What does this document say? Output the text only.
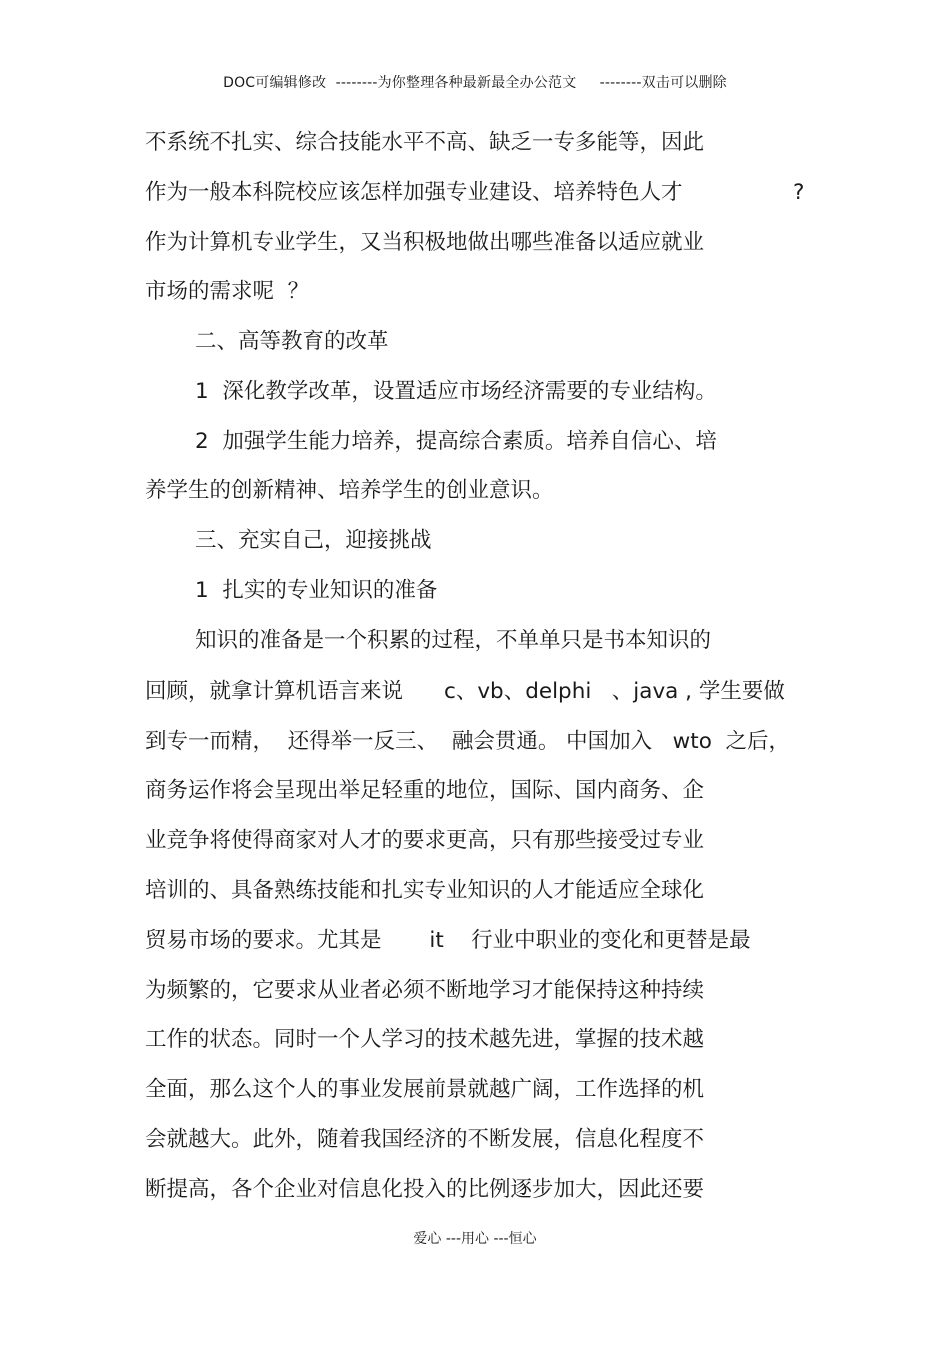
DOC可编辑修改  --------为你整理各种最新最全办公范文     --------双击可以删除
不系统不扎实、综合技能水平不高、缺乏一专多能等，因此
作为一般本科院校应该怎样加强专业建设、培养特色人才	?
作为计算机专业学生，又当积极地做出哪些准备以适应就业
市场的需求呢  ？
二、高等教育的改革
1  深化教学改革，设置适应市场经济需要的专业结构。
2  加强学生能力培养，提高综合素质。培养自信心、培
养学生的创新精神、培养学生的创业意识。
三、充实自己，迎接挑战
1  扎实的专业知识的准备
知识的准备是一个积累的过程，不单单只是书本知识的
回顾，就拿计算机语言来说      c、vb、delphi   、java , 学生要做
到专一而精，  还得举一反三、  融会贯通。 中国加入   wto  之后，
商务运作将会呈现出举足轻重的地位，国际、国内商务、企
业竞争将使得商家对人才的要求更高，只有那些接受过专业
培训的、具备熟练技能和扎实专业知识的人才能适应全球化
贸易市场的要求。尤其是       it    行业中职业的变化和更替是最
为频繁的，它要求从业者必须不断地学习才能保持这种持续
工作的状态。同时一个人学习的技术越先进，掌握的技术越
全面，那么这个人的事业发展前景就越广阔，工作选择的机
会就越大。此外，随着我国经济的不断发展，信息化程度不
断提高，各个企业对信息化投入的比例逐步加大，因此还要
爱心 ---用心 ---恒心
